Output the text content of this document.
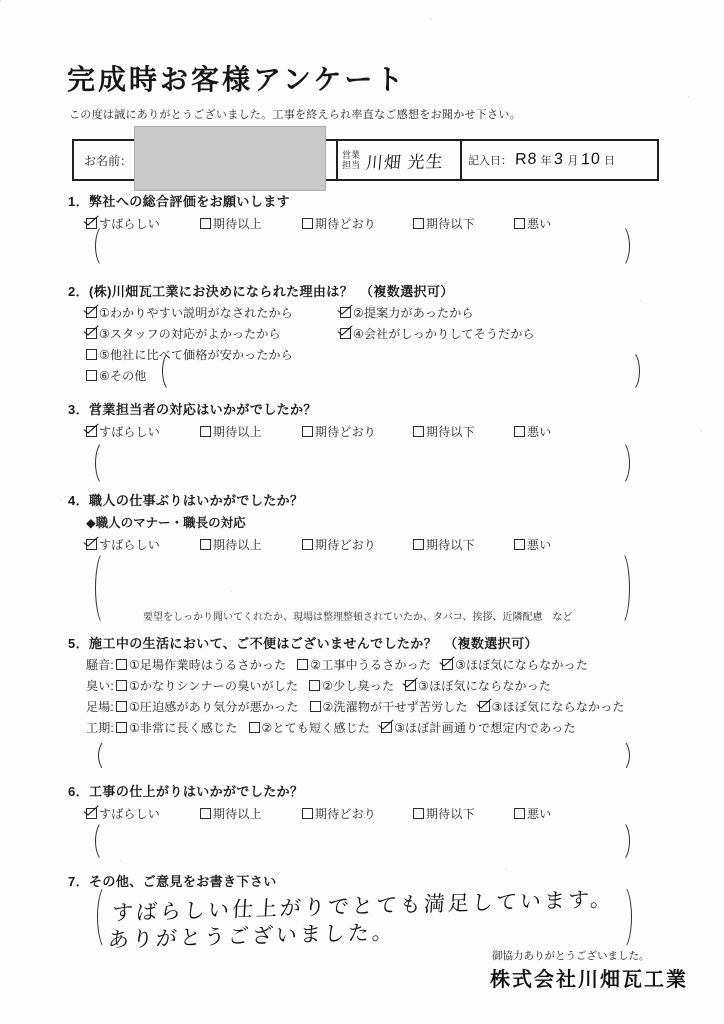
完成時お客様アンケート

この度は誠にありがとうございました。工事を終えられ率直なご感想をお聞かせ下さい。

お名前：	営業担当 川畑 光生 記入日： R8 年 3 月 10 日
1．弊社への総合評価をお願いします
すばらしい	期待以上	期待どおり	期待以下	悪い
2．(株)川畑瓦工業にお決めになられた理由は？　（複数選択可）
①わかりやすい説明がなされたから	②提案力があったから
③スタッフの対応がよかったから	④会社がしっかりしてそうだから
⑤他社に比べて価格が安かったから
⑥その他
3．営業担当者の対応はいかがでしたか？
すばらしい	期待以上	期待どおり	期待以下	悪い
4．職人の仕事ぶりはいかがでしたか？
◆職人のマナー・職長の対応
すばらしい	期待以上	期待どおり	期待以下	悪い
要望をしっかり聞いてくれたか、現場は整理整頓されていたか、タバコ、挨拶、近隣配慮　など
5．施工中の生活において、ご不便はございませんでしたか？　（複数選択可）
騒音: ①足場作業時はうるさかった ②工事中うるさかった ③ほぼ気にならなかった
臭い: ①かなりシンナーの臭いがした ②少し臭った ③ほぼ気にならなかった
足場: ①圧迫感があり気分が悪かった ②洗濯物が干せず苦労した ③ほぼ気にならなかった
工期: ①非常に長く感じた ②とても短く感じた ③ほぼ計画通りで想定内であった
6．工事の仕上がりはいかがでしたか？
すばらしい	期待以上	期待どおり	期待以下	悪い
7．その他、ご意見をお書き下さい
すばらしい仕上がりでとても満足しています。
ありがとうございました。
御協力ありがとうございました。
株式会社川畑瓦工業
